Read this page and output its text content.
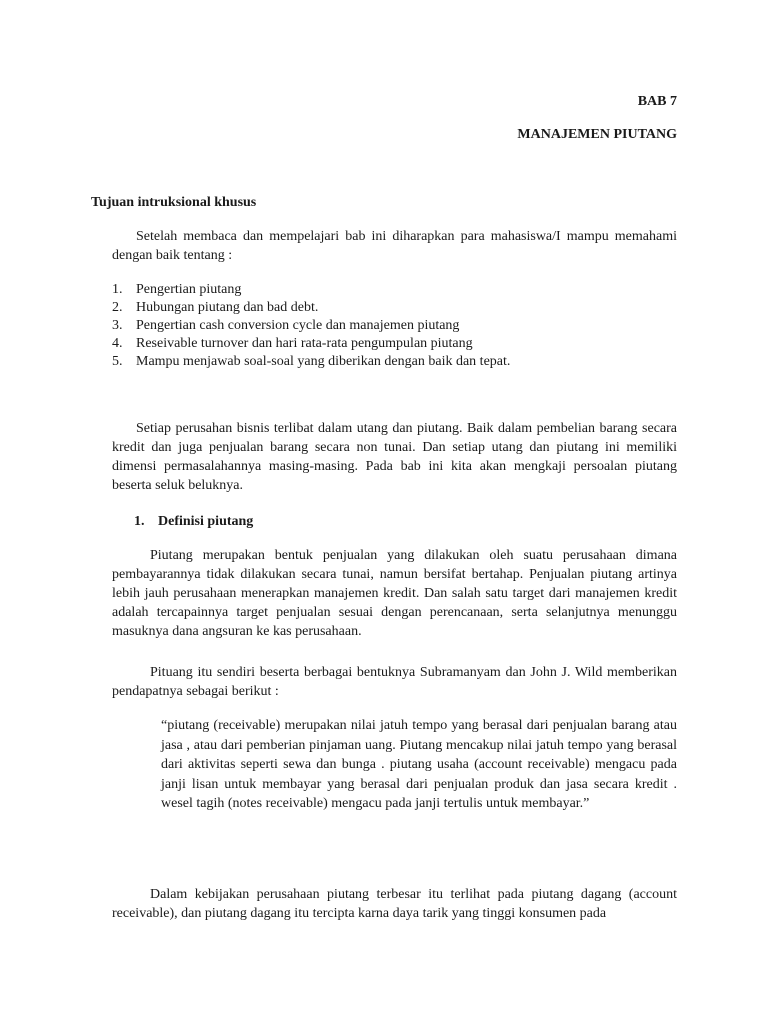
BAB 7
MANAJEMEN PIUTANG
Tujuan intruksional khusus

Setelah membaca dan mempelajari bab ini diharapkan para mahasiswa/I mampu memahami dengan baik tentang :

1. Pengertian piutang
2. Hubungan piutang dan bad debt.
3. Pengertian cash conversion cycle dan manajemen piutang
4. Reseivable turnover dan hari rata-rata pengumpulan piutang
5. Mampu menjawab soal-soal yang diberikan dengan baik dan tepat.

Setiap perusahan bisnis terlibat dalam utang dan piutang. Baik dalam pembelian barang secara kredit dan juga penjualan barang secara non tunai. Dan setiap utang dan piutang ini memiliki dimensi permasalahannya masing-masing. Pada bab ini kita akan mengkaji persoalan piutang beserta seluk beluknya.

1. Definisi piutang

Piutang merupakan bentuk penjualan yang dilakukan oleh suatu perusahaan dimana pembayarannya tidak dilakukan secara tunai, namun bersifat bertahap. Penjualan piutang artinya lebih jauh perusahaan menerapkan manajemen kredit. Dan salah satu target dari manajemen kredit adalah tercapainnya target penjualan sesuai dengan perencanaan, serta selanjutnya menunggu masuknya dana angsuran ke kas perusahaan.

Pituang itu sendiri beserta berbagai bentuknya Subramanyam dan John J. Wild memberikan pendapatnya sebagai berikut :

“piutang (receivable) merupakan nilai jatuh tempo yang berasal dari penjualan barang atau jasa , atau dari pemberian pinjaman uang. Piutang mencakup nilai jatuh tempo yang berasal dari aktivitas seperti sewa dan bunga . piutang usaha (account receivable) mengacu pada janji lisan untuk membayar yang berasal dari penjualan produk dan jasa secara kredit . wesel tagih (notes receivable) mengacu pada janji tertulis untuk membayar.”

Dalam kebijakan perusahaan piutang terbesar itu terlihat pada piutang dagang (account receivable), dan piutang dagang itu tercipta karna daya tarik yang tinggi konsumen pada
